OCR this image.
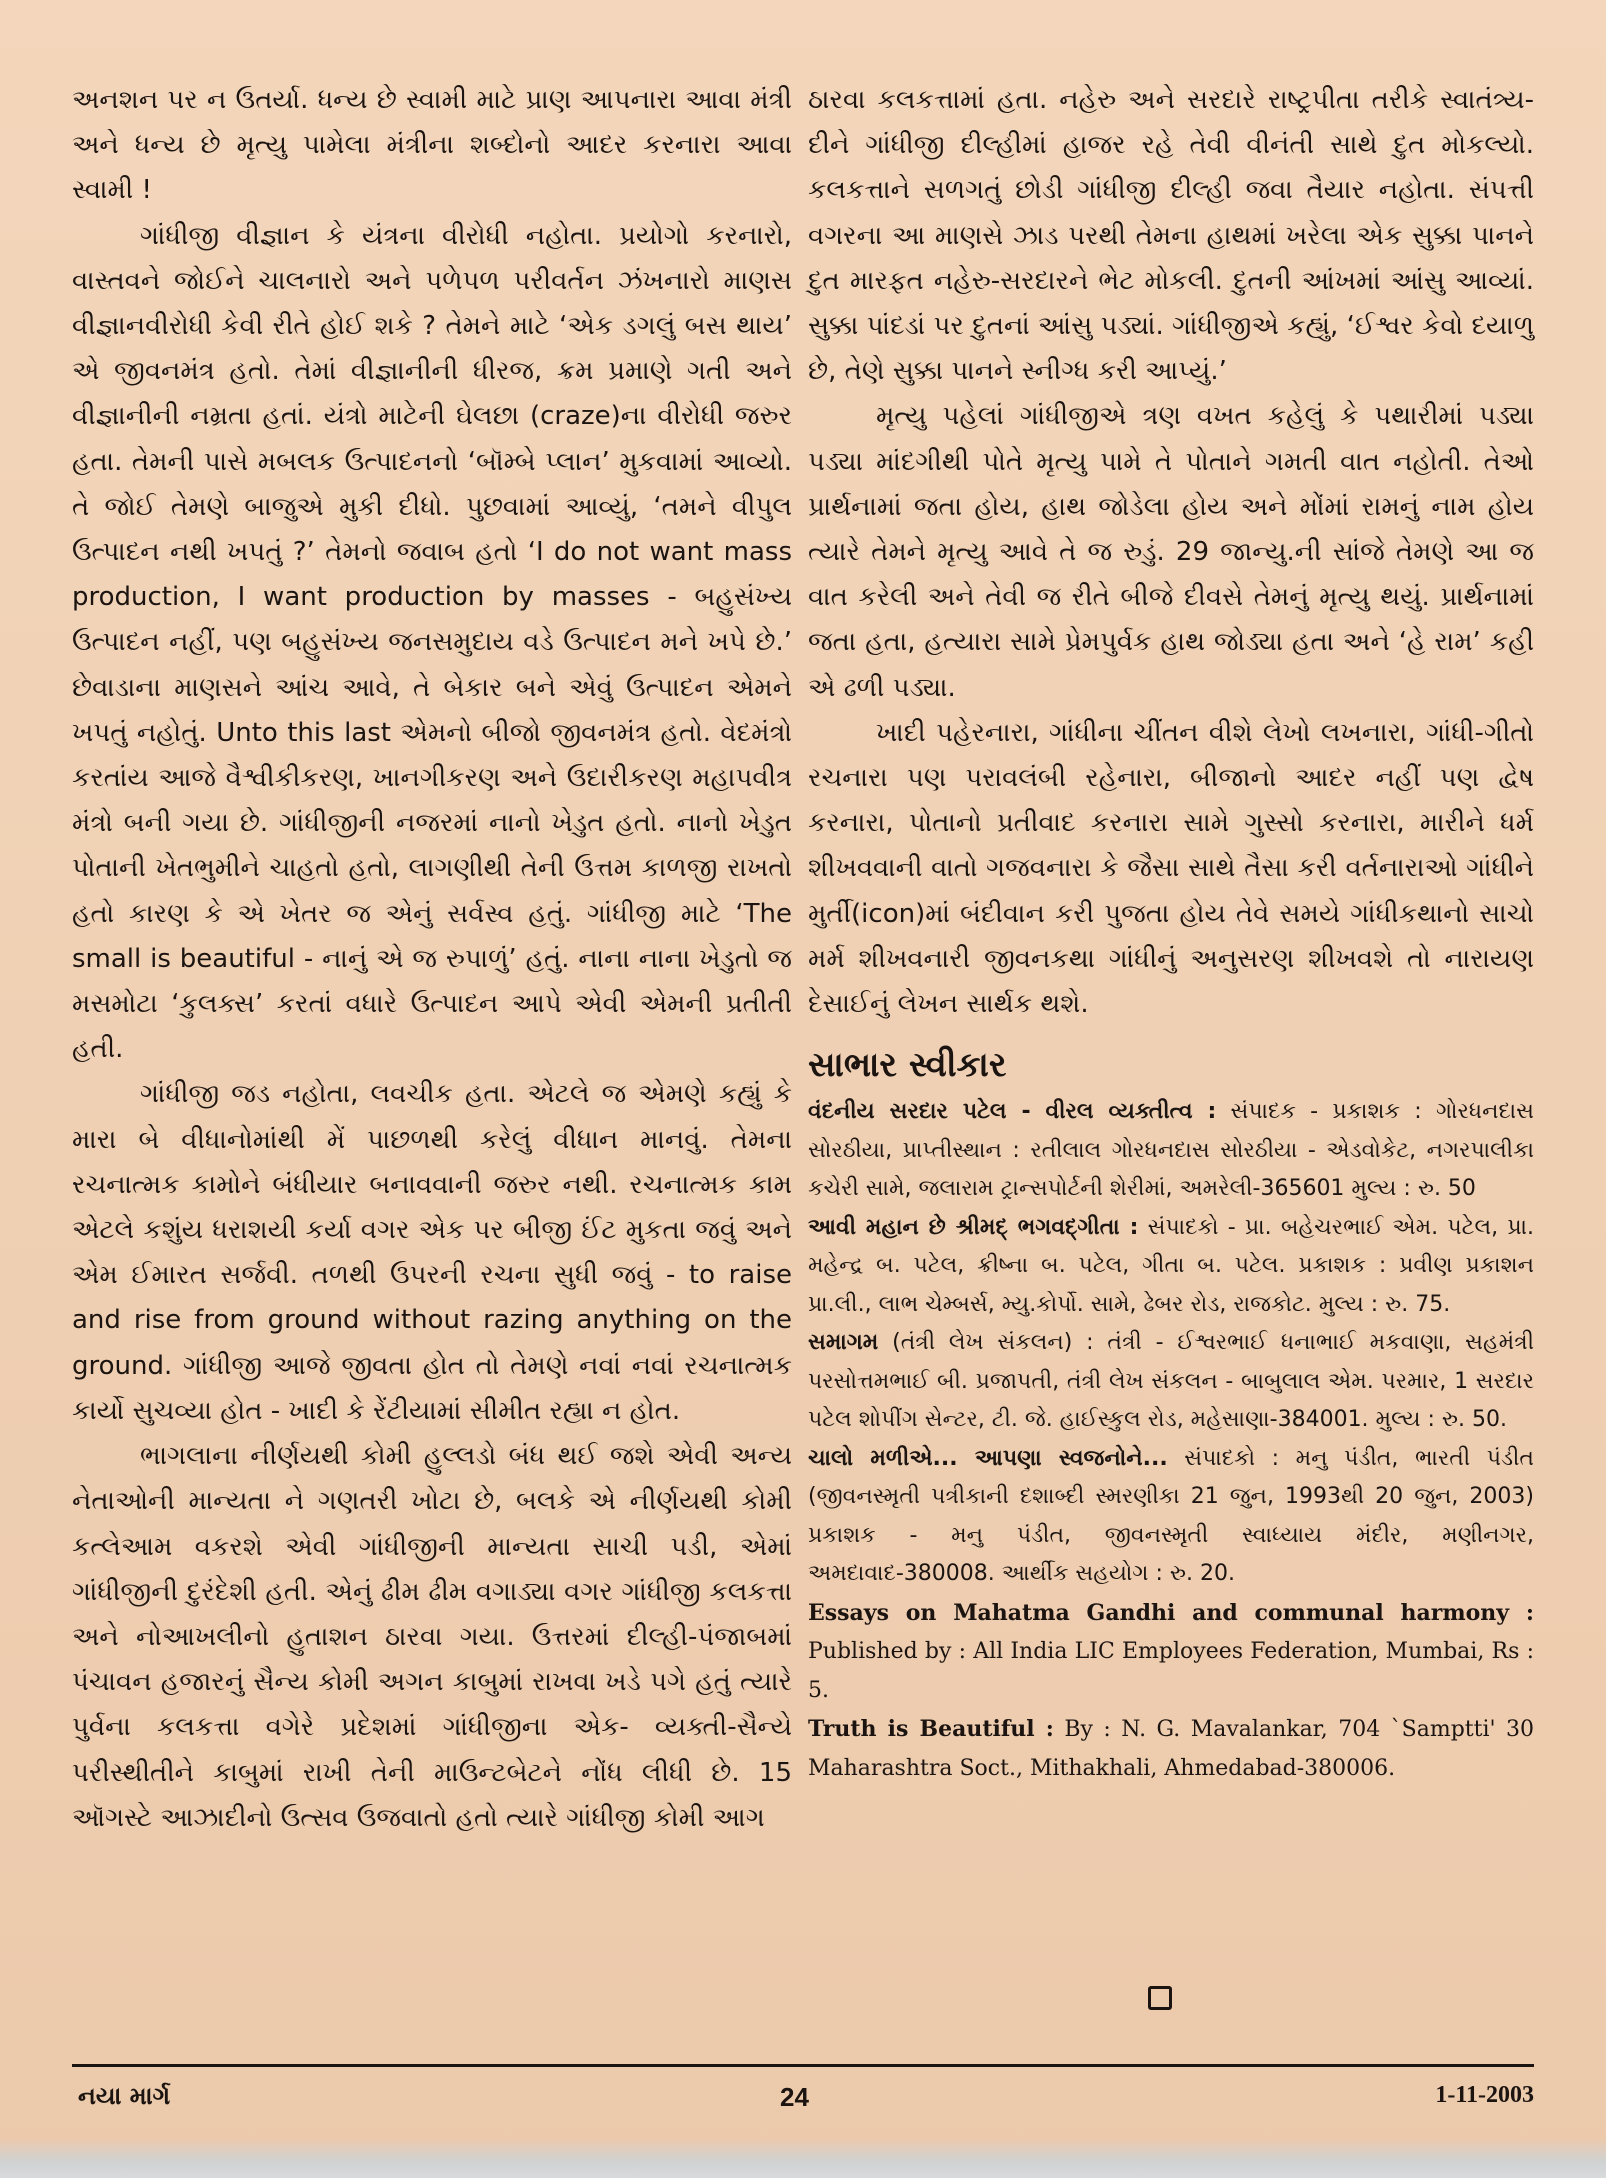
અનશન પર ન ઉતર્યા. ધન્ય છે સ્વામી માટે પ્રાણ આપનારા આવા મંત્રી અને ધન્ય છે મૃત્યુ પામેલા મંત્રીના શબ્દોનો આદર કરનારા આવા સ્વામી !

ગાંધીજી વીજ્ઞાન કે યંત્રના વીરોધી નહોતા. પ્રયોગો કરનારો, વાસ્તવને જોઈને ચાલનારો અને પળેપળ પરીવર્તન ઝંખનારો માણસ વીજ્ઞાનવીરોધી કેવી રીતે હોઈ શકે ? તેમને માટે ‘એક ડગલું બસ થાય’ એ જીવનમંત્ર હતો. તેમાં વીજ્ઞાનીની ધીરજ, ક્રમ પ્રમાણે ગતી અને વીજ્ઞાનીની નમ્રતા હતાં. યંત્રો માટેની ઘેલછા (craze)ના વીરોધી જરુર હતા. તેમની પાસે મબલક ઉત્પાદનનો ‘બૉમ્બે પ્લાન’ મુકવામાં આવ્યો. તે જોઈ તેમણે બાજુએ મુકી દીધો. પુછવામાં આવ્યું, ‘તમને વીપુલ ઉત્પાદન નથી ખપતું ?’ તેમનો જવાબ હતો ‘I do not want mass production, I want production by masses - બહુસંખ્ય ઉત્પાદન નહીં, પણ બહુસંખ્ય જનસમુદાય વડે ઉત્પાદન મને ખપે છે.’ છેવાડાના માણસને આંચ આવે, તે બેકાર બને એવું ઉત્પાદન એમને ખપતું નહોતું. Unto this last એમનો બીજો જીવનમંત્ર હતો. વેદમંત્રો કરતાંય આજે વૈશ્વીકીકરણ, ખાનગીકરણ અને ઉદારીકરણ મહાપવીત્ર મંત્રો બની ગયા છે. ગાંધીજીની નજરમાં નાનો ખેડુત હતો. નાનો ખેડુત પોતાની ખેતભુમીને ચાહતો હતો, લાગણીથી તેની ઉત્તમ કાળજી રાખતો હતો કારણ કે એ ખેતર જ એનું સર્વસ્વ હતું. ગાંધીજી માટે ‘The small is beautiful - નાનું એ જ રુપાળું’ હતું. નાના નાના ખેડુતો જ મસમોટા ‘કુલક્સ’ કરતાં વધારે ઉત્પાદન આપે એવી એમની પ્રતીતી હતી.

ગાંધીજી જડ નહોતા, લવચીક હતા. એટલે જ એમણે કહ્યું કે મારા બે વીધાનોમાંથી મેં પાછળથી કરેલું વીધાન માનવું. તેમના રચનાત્મક કામોને બંધીયાર બનાવવાની જરુર નથી. રચનાત્મક કામ એટલે કશુંય ધરાશયી કર્યા વગર એક પર બીજી ઈંટ મુકતા જવું અને એમ ઈમારત સર્જવી. તળથી ઉપરની રચના સુધી જવું - to raise and rise from ground without razing anything on the ground. ગાંધીજી આજે જીવતા હોત તો તેમણે નવાં નવાં રચનાત્મક કાર્યો સુચવ્યા હોત - ખાદી કે રેંટીયામાં સીમીત રહ્યા ન હોત.

ભાગલાના નીર્ણયથી કોમી હુલ્લડો બંધ થઈ જશે એવી અન્ય નેતાઓની માન્યતા ને ગણતરી ખોટા છે, બલકે એ નીર્ણયથી કોમી કત્લેઆમ વકરશે એવી ગાંધીજીની માન્યતા સાચી પડી, એમાં ગાંધીજીની દુરંદેશી હતી. એનું ઢીમ ઢીમ વગાડ્યા વગર ગાંધીજી કલકત્તા અને નોઆખલીનો હુતાશન ઠારવા ગયા. ઉત્તરમાં દીલ્હી-પંજાબમાં પંચાવન હજારનું સૈન્ય કોમી અગન કાબુમાં રાખવા ખડે પગે હતું ત્યારે પુર્વના કલકત્તા વગેરે પ્રદેશમાં ગાંધીજીના એક- વ્યક્તી-સૈન્યે પરીસ્થીતીને કાબુમાં રાખી તેની માઉન્ટબેટને નોંધ લીધી છે. 15 ઑગસ્ટે આઝાદીનો ઉત્સવ ઉજવાતો હતો ત્યારે ગાંધીજી કોમી આગ

ઠારવા કલકત્તામાં હતા. નહેરુ અને સરદારે રાષ્ટ્રપીતા તરીકે સ્વાતંત્ર્ય-દીને ગાંધીજી દીલ્હીમાં હાજર રહે તેવી વીનંતી સાથે દુત મોકલ્યો. કલકત્તાને સળગતું છોડી ગાંધીજી દીલ્હી જવા તૈયાર નહોતા. સંપત્તી વગરના આ માણસે ઝાડ પરથી તેમના હાથમાં ખરેલા એક સુક્કા પાનને દુત મારફત નહેરુ-સરદારને ભેટ મોકલી. દુતની આંખમાં આંસુ આવ્યાં. સુક્કા પાંદડાં પર દુતનાં આંસુ પડ્યાં. ગાંધીજીએ કહ્યું, ‘ઈશ્વર કેવો દયાળુ છે, તેણે સુક્કા પાનને સ્નીગ્ધ કરી આપ્યું.’

મૃત્યુ પહેલાં ગાંધીજીએ ત્રણ વખત કહેલું કે પથારીમાં પડ્યા પડ્યા માંદગીથી પોતે મૃત્યુ પામે તે પોતાને ગમતી વાત નહોતી. તેઓ પ્રાર્થનામાં જતા હોય, હાથ જોડેલા હોય અને મોંમાં રામનું નામ હોય ત્યારે તેમને મૃત્યુ આવે તે જ રુડું. 29 જાન્યુ.ની સાંજે તેમણે આ જ વાત કરેલી અને તેવી જ રીતે બીજે દીવસે તેમનું મૃત્યુ થયું. પ્રાર્થનામાં જતા હતા, હત્યારા સામે પ્રેમપુર્વક હાથ જોડ્યા હતા અને ‘હે રામ’ કહી એ ઢળી પડ્યા.

ખાદી પહેરનારા, ગાંધીના ચીંતન વીશે લેખો લખનારા, ગાંધી-ગીતો રચનારા પણ પરાવલંબી રહેનારા, બીજાનો આદર નહીં પણ દ્વેષ કરનારા, પોતાનો પ્રતીવાદ કરનારા સામે ગુસ્સો કરનારા, મારીને ધર્મ શીખવવાની વાતો ગજવનારા કે જૈસા સાથે તૈસા કરી વર્તનારાઓ ગાંધીને મુર્તી(icon)માં બંદીવાન કરી પુજતા હોય તેવે સમયે ગાંધીકથાનો સાચો મર્મ શીખવનારી જીવનકથા ગાંધીનું અનુસરણ શીખવશે તો નારાયણ દેસાઈનું લેખન સાર્થક થશે.

સાભાર સ્વીકાર

વંદનીય સરદાર પટેલ - વીરલ વ્યક્તીત્વ : સંપાદક - પ્રકાશક : ગોરધનદાસ સોરઠીયા, પ્રાપ્તીસ્થાન : રતીલાલ ગોરધનદાસ સોરઠીયા - એડવોકેટ, નગરપાલીકા કચેરી સામે, જલારામ ટ્રાન્સપોર્ટની શેરીમાં, અમરેલી-365601 મુલ્ય : રુ. 50

આવી મહાન છે શ્રીમદ્ ભગવદ્ગીતા : સંપાદકો - પ્રા. બહેચરભાઈ એમ. પટેલ, પ્રા. મહેન્દ્ર બ. પટેલ, ક્રીષ્ના બ. પટેલ, ગીતા બ. પટેલ. પ્રકાશક : પ્રવીણ પ્રકાશન પ્રા.લી., લાભ ચેમ્બર્સ, મ્યુ.કોર્પો. સામે, ઢેબર રોડ, રાજકોટ. મુલ્ય : રુ. 75.

સમાગમ (તંત્રી લેખ સંકલન) : તંત્રી - ઈશ્વરભાઈ ધનાભાઈ મકવાણા, સહમંત્રી પરસોત્તમભાઈ બી. પ્રજાપતી, તંત્રી લેખ સંકલન - બાબુલાલ એમ. પરમાર, 1 સરદાર પટેલ શોપીંગ સેન્ટર, ટી. જે. હાઈસ્કુલ રોડ, મહેસાણા-384001. મુલ્ય : રુ. 50.

ચાલો મળીએ... આપણા સ્વજનોને... સંપાદકો : મનુ પંડીત, ભારતી પંડીત (જીવનસ્મૃતી પત્રીકાની દશાબ્દી સ્મરણીકા 21 જુન, 1993થી 20 જુન, 2003) પ્રકાશક - મનુ પંડીત, જીવનસ્મૃતી સ્વાધ્યાય મંદીર, મણીનગર, અમદાવાદ-380008. આર્થીક સહયોગ : રુ. 20.

Essays on Mahatma Gandhi and communal harmony : Published by : All India LIC Employees Federation, Mumbai, Rs : 5.

Truth is Beautiful : By : N. G. Mavalankar, 704 `Samptti' 30 Maharashtra Soct., Mithakhali, Ahmedabad-380006.

નયા માર્ગ	24	1-11-2003
